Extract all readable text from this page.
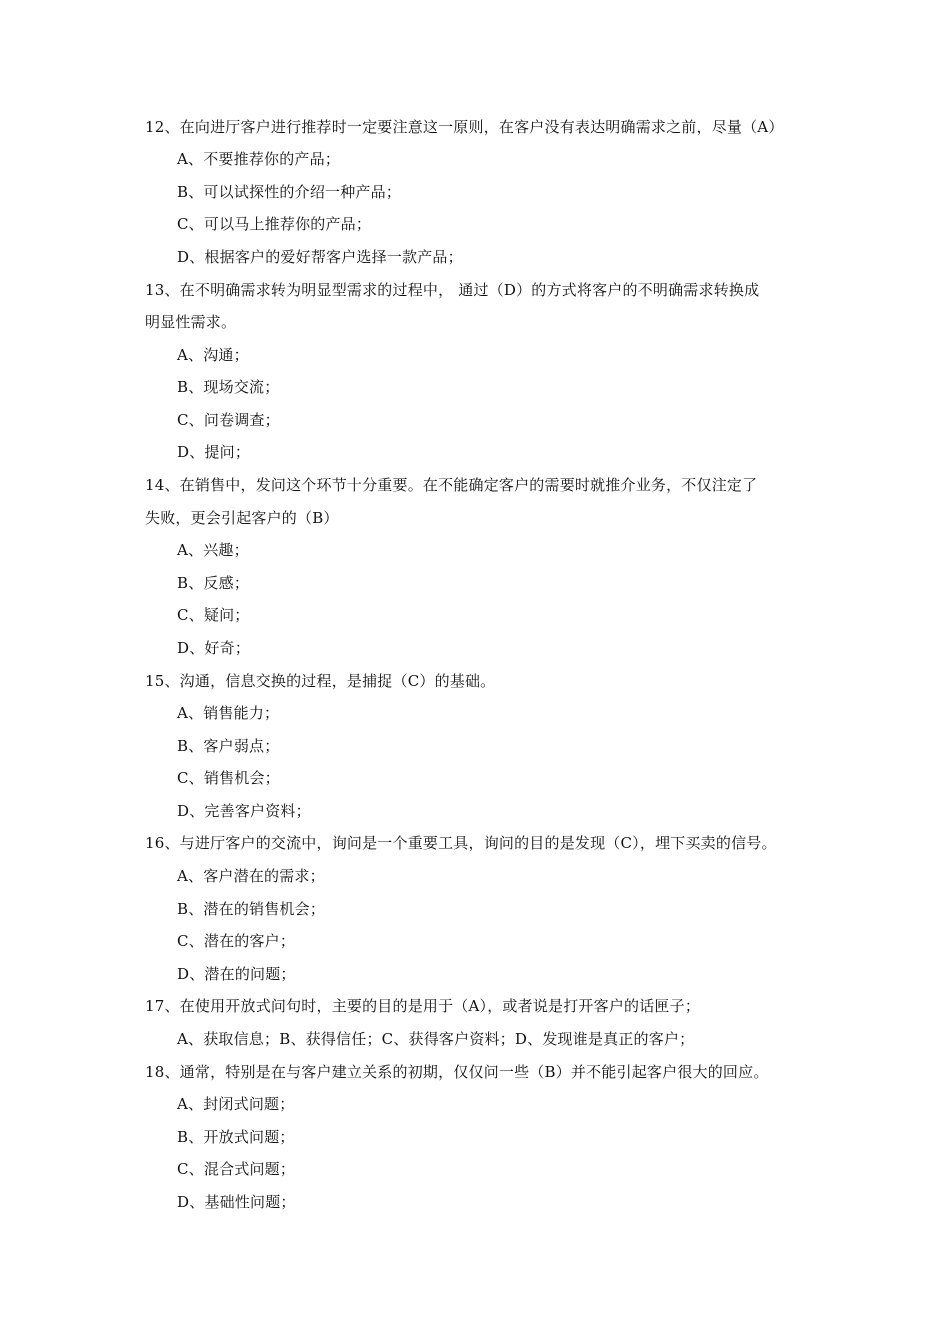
12、在向进厅客户进行推荐时一定要注意这一原则，在客户没有表达明确需求之前，尽量（A）
A、不要推荐你的产品；
B、可以试探性的介绍一种产品；
C、可以马上推荐你的产品；
D、根据客户的爱好帮客户选择一款产品；
13、在不明确需求转为明显型需求的过程中， 通过（D）的方式将客户的不明确需求转换成
明显性需求。
A、沟通；
B、现场交流；
C、问卷调查；
D、提问；
14、在销售中，发问这个环节十分重要。在不能确定客户的需要时就推介业务，不仅注定了
失败，更会引起客户的（B）
A、兴趣；
B、反感；
C、疑问；
D、好奇；
15、沟通，信息交换的过程，是捕捉（C）的基础。
A、销售能力；
B、客户弱点；
C、销售机会；
D、完善客户资料；
16、与进厅客户的交流中，询问是一个重要工具，询问的目的是发现（C），埋下买卖的信号。
A、客户潜在的需求；
B、潜在的销售机会；
C、潜在的客户；
D、潜在的问题；
17、在使用开放式问句时，主要的目的是用于（A），或者说是打开客户的话匣子；
A、获取信息；B、获得信任；C、获得客户资料；D、发现谁是真正的客户；
18、通常，特别是在与客户建立关系的初期，仅仅问一些（B）并不能引起客户很大的回应。
A、封闭式问题；
B、开放式问题；
C、混合式问题；
D、基础性问题；
